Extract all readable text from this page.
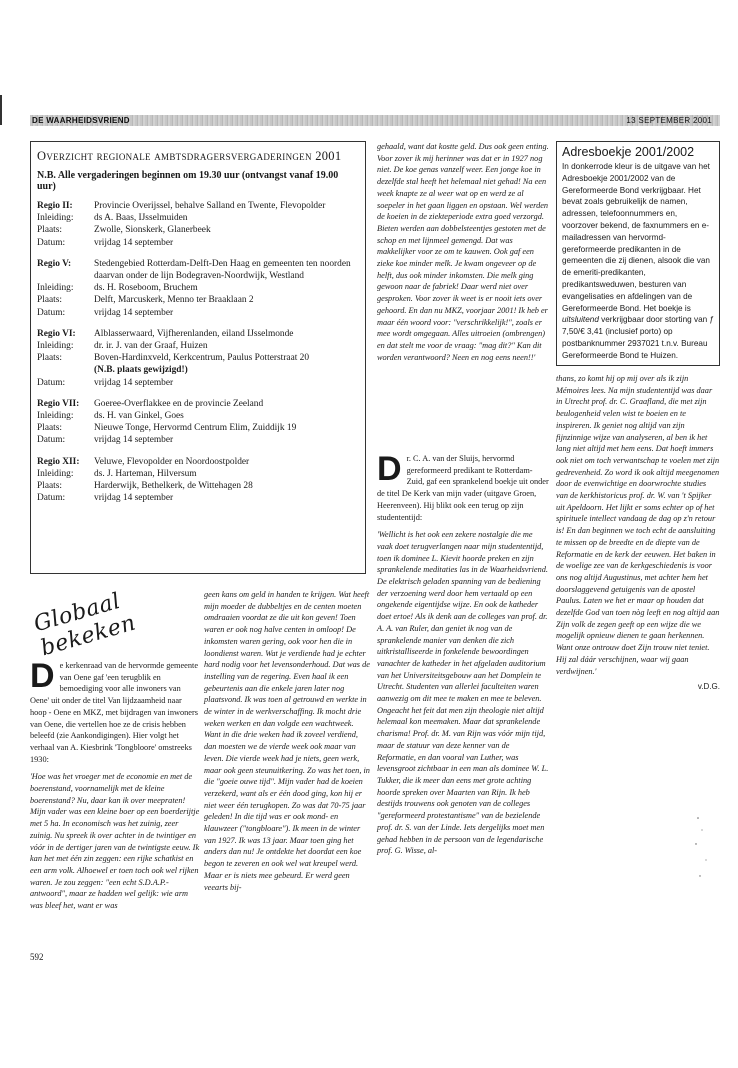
DE WAARHEIDSVRIEND	13 SEPTEMBER 2001
Overzicht regionale ambtsdragersvergaderingen 2001
N.B. Alle vergaderingen beginnen om 19.30 uur (ontvangst vanaf 19.00 uur)
Regio II:	Provincie Overijssel, behalve Salland en Twente, Flevopolder
Inleiding:	ds A. Baas, IJsselmuiden
Plaats:	Zwolle, Sionskerk, Glanerbeek
Datum:	vrijdag 14 september
Regio V:	Stedengebied Rotterdam-Delft-Den Haag en gemeenten ten noorden daarvan onder de lijn Bodegraven-Noordwijk, Westland
Inleiding:	ds. H. Roseboom, Bruchem
Plaats:	Delft, Marcuskerk, Menno ter Braaklaan 2
Datum:	vrijdag 14 september
Regio VI:	Alblasserwaard, Vijfherenlanden, eiland IJsselmonde
Inleiding:	dr. ir. J. van der Graaf, Huizen
Plaats:	Boven-Hardinxveld, Kerkcentrum, Paulus Potterstraat 20
(N.B. plaats gewijzigd!)
Datum:	vrijdag 14 september
Regio VII:	Goeree-Overflakkee en de provincie Zeeland
Inleiding:	ds. H. van Ginkel, Goes
Plaats:	Nieuwe Tonge, Hervormd Centrum Elim, Zuiddijk 19
Datum:	vrijdag 14 september
Regio XII:	Veluwe, Flevopolder en Noordoostpolder
Inleiding:	ds. J. Harteman, Hilversum
Plaats:	Harderwijk, Bethelkerk, de Wittehagen 28
Datum:	vrijdag 14 september

gehaald, want dat kostte geld. Dus ook geen enting. Voor zover ik mij herinner was dat er in 1927 nog niet. De koe genas vanzelf weer. Een jonge koe in dezelfde stal heeft het helemaal niet gehad! Na een week knapte ze al weer wat op en werd ze al soepeler in het gaan liggen en opstaan. Wel werden de koeien in de ziekteperiode extra goed verzorgd. Bieten werden aan dobbelsteentjes gestoten met de schop en met lijnmeel gemengd. Dat was makkelijker voor ze om te kauwen. Ook gaf een zieke koe minder melk. Je kwam ongeveer op de helft, dus ook minder inkomsten. Die melk ging gewoon naar de fabriek! Daar werd niet over gesproken. Voor zover ik weet is er nooit iets over gehoord. En dan nu MKZ, voorjaar 2001! Ik heb er maar één woord voor: "verschrikkelijk!", zoals er mee wordt omgegaan. Alles uitroeien (ombrengen) en dat stelt me voor de vraag: "mag dit?" Kan dit worden verantwoord? Neen en nog eens neen!!'

Adresboekje 2001/2002
In donkerrode kleur is de uitgave van het Adresboekje 2001/2002 van de Gereformeerde Bond verkrijgbaar. Het bevat zoals gebruikelijk de namen, adressen, telefoonnummers en, voorzover bekend, de faxnummers en e-mailadressen van hervormd-gereformeerde predikanten in de gemeenten die zij dienen, alsook die van de emeriti-predikanten, predikantsweduwen, besturen van evangelisaties en afdelingen van de Gereformeerde Bond. Het boekje is uitsluitend verkrijgbaar door storting van ƒ 7,50/€ 3,41 (inclusief porto) op postbanknummer 2937021 t.n.v. Bureau Gereformeerde Bond te Huizen.

Dr. C. A. van der Sluijs, hervormd gereformeerd predikant te Rotterdam-Zuid, gaf een sprankelend boekje uit onder de titel De Kerk van mijn vader (uitgave Groen, Heerenveen). Hij blikt ook een terug op zijn studententijd:

'Wellicht is het ook een zekere nostalgie die me vaak doet terugverlangen naar mijn studententijd, toen ik dominee L. Kievit hoorde preken en zijn sprankelende meditaties las in de Waarheidsvriend. De elektrisch geladen spanning van de bediening der verzoening werd door hem vertaald op een ongekende eigentijdse wijze. En ook de katheder doet ertoe! Als ik denk aan de colleges van prof. dr. A. A. van Ruler, dan geniet ik nog van de sprankelende manier van denken die zich uitkristalliseerde in fonkelende bewoordingen vanachter de katheder in het afgeladen auditorium van het Universiteitsgebouw aan het Domplein te Utrecht. Studenten van allerlei faculteiten waren aanwezig om dit mee te maken en mee te beleven. Ongeacht het feit dat men zijn theologie niet altijd helemaal kon meemaken. Maar dat sprankelende charisma! Prof. dr. M. van Rijn was vóór mijn tijd, maar de statuur van deze kenner van de Reformatie, en dan vooral van Luther, was levensgroot zichtbaar in een man als dominee W. L. Tukker, die ik meer dan eens met grote achting hoorde spreken over Maarten van Rijn. Ik heb destijds trouwens ook genoten van de colleges "gereformeerd protestantisme" van de bezielende prof. dr. S. van der Linde. Iets dergelijks moet men gehad hebben in de persoon van de legendarische prof. G. Wisse, al-

thans, zo komt hij op mij over als ik zijn Mémoires lees. Na mijn studententijd was daar in Utrecht prof. dr. C. Graafland, die met zijn beulogenheid velen wist te boeien en te inspireren. Ik geniet nog altijd van zijn fijnzinnige wijze van analyseren, al ben ik het lang niet altijd met hem eens. Dat hoeft immers ook niet om toch verwantschap te voelen met zijn gedrevenheid. Zo word ik ook altijd meegenomen door de evenwichtige en doorwrochte studies van de kerkhistoricus prof. dr. W. van 't Spijker uit Apeldoorn. Het lijkt er soms echter op of het spirituele intellect vandaag de dag op z'n retour is! En dan beginnen we toch echt de aansluiting te missen op de breedte en de diepte van de Reformatie en de kerk der eeuwen. Het baken in de woelige zee van de kerkgeschiedenis is voor ons nog altijd Augustinus, met achter hem het doorslaggevend getuigenis van de apostel Paulus. Laten we het er maar op houden dat dezelfde God van toen nòg leeft en nog altijd aan Zijn volk de zegen geeft op een wijze die we mogelijk opnieuw dienen te gaan herkennen. Want onze ontrouw doet Zijn trouw niet teniet. Hij zal dáár verschijnen, waar wij gaan verdwijnen.'

v.D.G.
Globaal bekeken

De kerkenraad van de hervormde gemeente van Oene gaf 'een terugblik en bemoediging voor alle inwoners van Oene' uit onder de titel Van lijdzaamheid naar hoop - Oene en MKZ, met bijdragen van inwoners van Oene, die vertellen hoe ze de crisis hebben beleefd (zie Aankondigingen). Hier volgt het verhaal van A. Kiesbrink 'Tongbloore' omstreeks 1930:

'Hoe was het vroeger met de economie en met de boerenstand, voornamelijk met de kleine boerenstand? Nu, daar kan ik over meepraten! Mijn vader was een kleine boer op een boerderijtje met 5 ha. In economisch was het zuinig, zeer zuinig. Nu spreek ik over achter in de twintiger en vóór in de dertiger jaren van de twintigste eeuw. Ik kan het met één zin zeggen: een rijke schatkist en een arm volk. Alhoewel er toen toch ook wel rijken waren. Je zou zeggen: "een echt S.D.A.P.-antwoord", maar ze hadden wel gelijk: wie arm was bleef het, want er was

geen kans om geld in handen te krijgen. Wat heeft mijn moeder de dubbeltjes en de centen moeten omdraaien voordat ze die uit kon geven! Toen waren er ook nog halve centen in omloop! De inkomsten waren gering, ook voor hen die in loondienst waren. Wat je verdiende had je echter hard nodig voor het levensonderhoud. Dat was de instelling van de regering. Even haal ik een gebeurtenis aan die enkele jaren later nog plaatsvond. Ik was toen al getrouwd en werkte in de winter in de werkverschaffing. Ik mocht drie weken werken en dan volgde een wachtweek. Want in die drie weken had ik zoveel verdiend, dan moesten we de vierde week ook maar van leven. Die vierde week had je niets, geen werk, maar ook geen steunuitkering. Zo was het toen, in die "goeie ouwe tijd". Mijn vader had de koeien verzekerd, want als er één dood ging, kon hij er niet weer één terugkopen. Zo was dat 70-75 jaar geleden! In die tijd was er ook mond- en klauwzeer ("tongbloare"). Ik meen in de winter van 1927. Ik was 13 jaar. Maar toen ging het anders dan nu! Je ontdekte het doordat een koe begon te zeveren en ook wel wat kreupel werd. Maar er is niets mee gebeurd. Er werd geen veearts bij-

592
